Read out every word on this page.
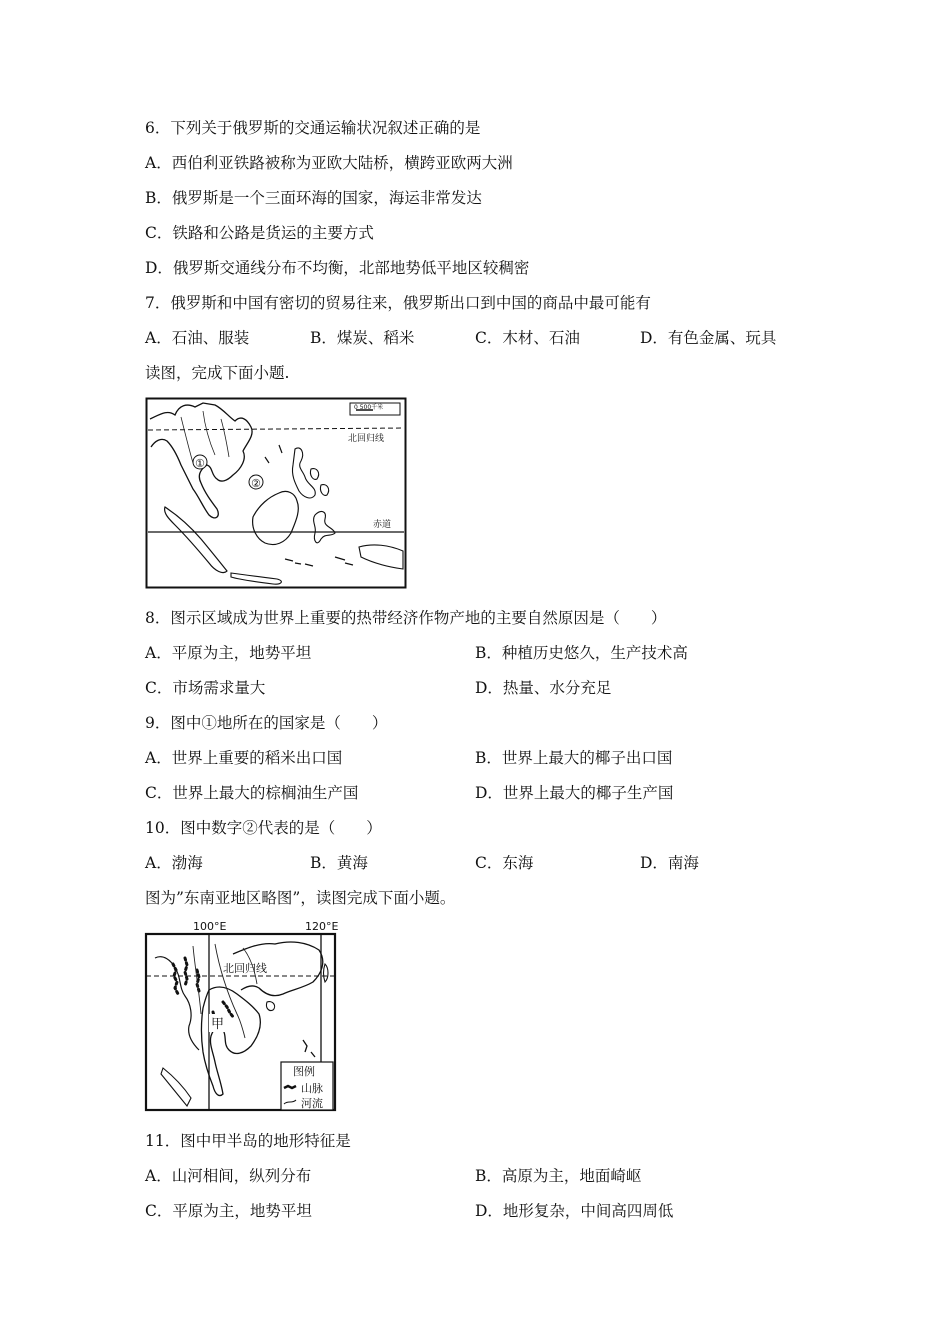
6．下列关于俄罗斯的交通运输状况叙述正确的是
A．西伯利亚铁路被称为亚欧大陆桥，横跨亚欧两大洲
B．俄罗斯是一个三面环海的国家，海运非常发达
C．铁路和公路是货运的主要方式
D．俄罗斯交通线分布不均衡，北部地势低平地区较稠密
7．俄罗斯和中国有密切的贸易往来，俄罗斯出口到中国的商品中最可能有
A．石油、服装	B．煤炭、稻米	C．木材、石油	D．有色金属、玩具
读图，完成下面小题.
0 500千米
北回归线
赤道
①
②
8．图示区域成为世界上重要的热带经济作物产地的主要自然原因是（　　）
A．平原为主，地势平坦	B．种植历史悠久，生产技术高
C．市场需求量大	D．热量、水分充足
9．图中①地所在的国家是（　　）
A．世界上重要的稻米出口国	B．世界上最大的椰子出口国
C．世界上最大的棕榈油生产国	D．世界上最大的椰子生产国
10．图中数字②代表的是（　　）
A．渤海	B．黄海	C．东海	D．南海
图为”东南亚地区略图”，读图完成下面小题。
100°E	120°E
北回归线
甲
图例
山脉
河流
11．图中甲半岛的地形特征是
A．山河相间，纵列分布	B．高原为主，地面崎岖
C．平原为主，地势平坦	D．地形复杂，中间高四周低
